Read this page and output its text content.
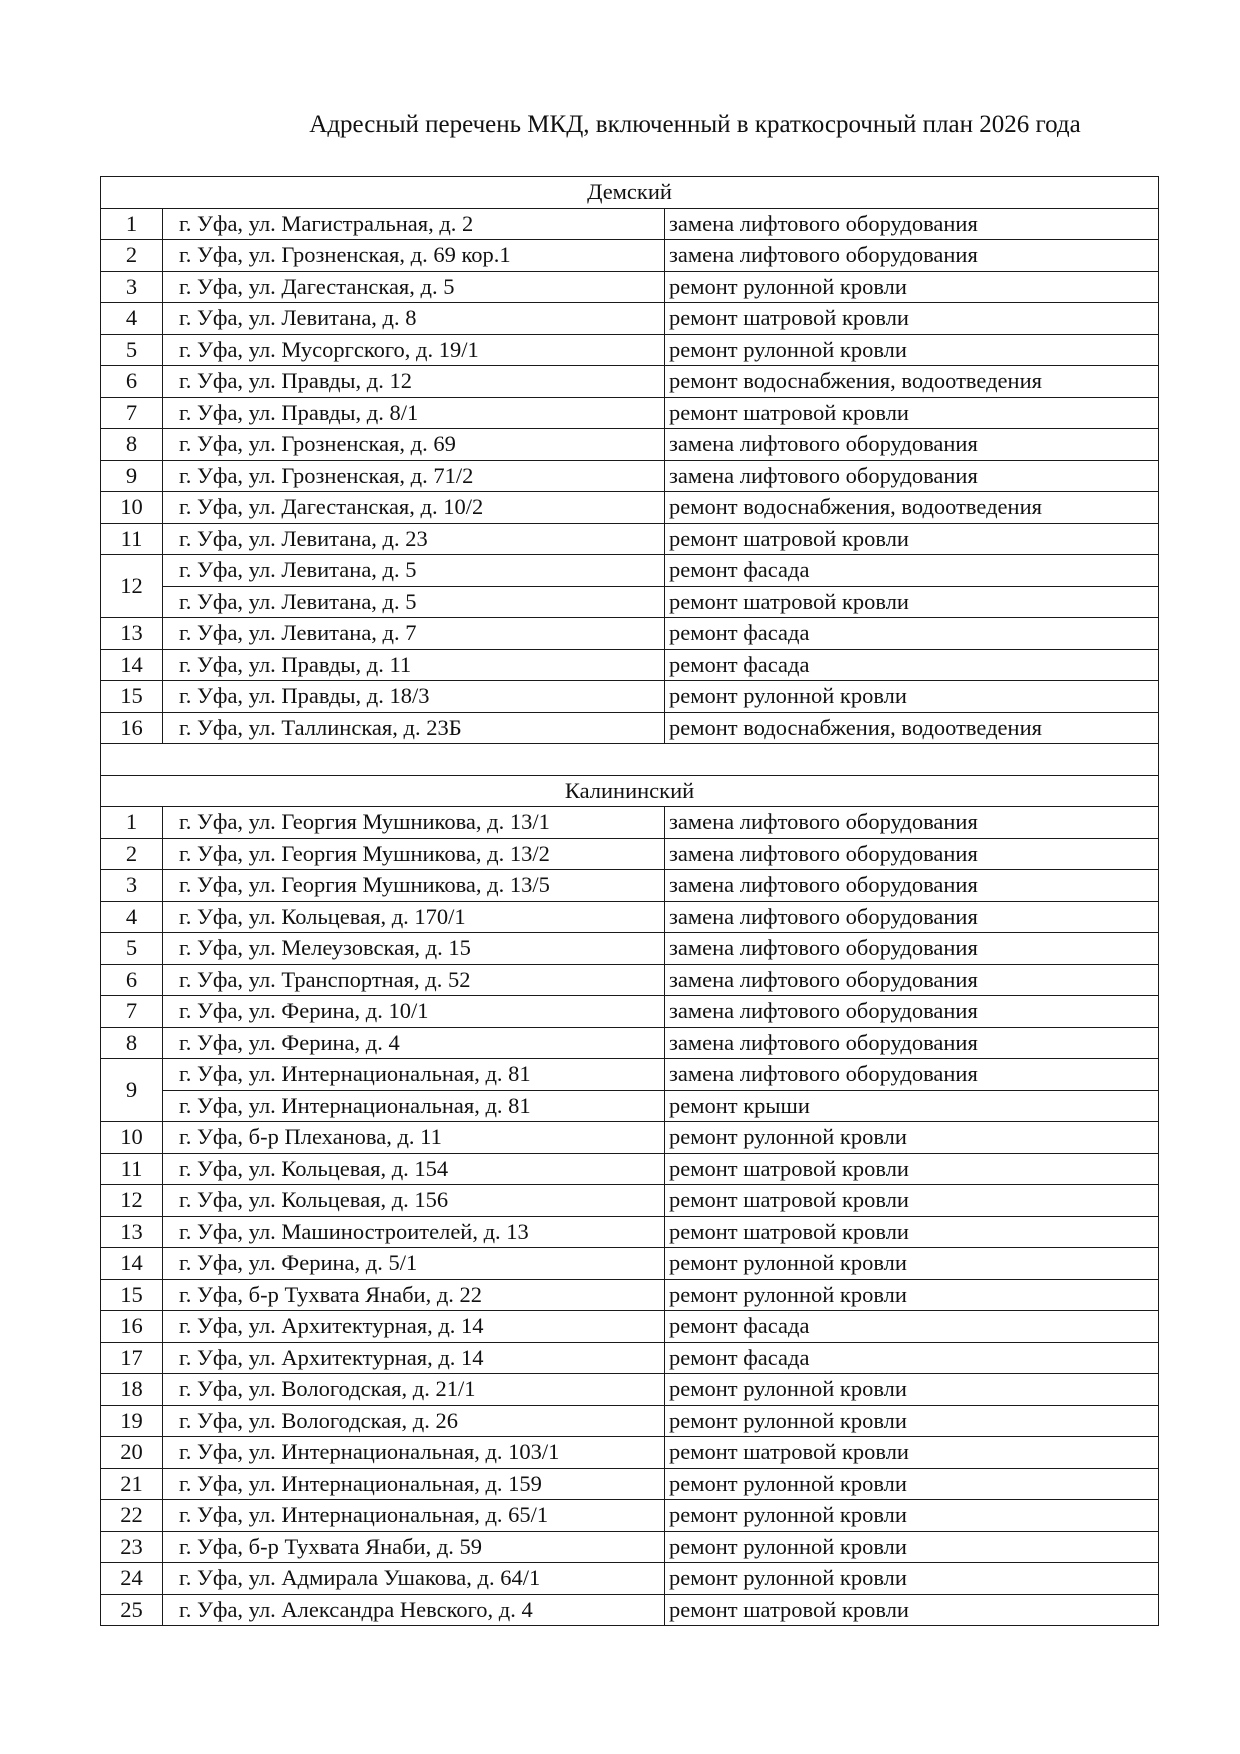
Адресный перечень МКД, включенный в краткосрочный план 2026 года
Демский		
1	г. Уфа, ул. Магистральная, д. 2	замена лифтового оборудования
2	г. Уфа, ул. Грозненская, д. 69 кор.1	замена лифтового оборудования
3	г. Уфа, ул. Дагестанская, д. 5	ремонт рулонной кровли
4	г. Уфа, ул. Левитана, д. 8	ремонт шатровой кровли
5	г. Уфа, ул. Мусоргского, д. 19/1	ремонт рулонной кровли
6	г. Уфа, ул. Правды, д. 12	ремонт водоснабжения, водоотведения
7	г. Уфа, ул. Правды, д. 8/1	ремонт шатровой кровли
8	г. Уфа, ул. Грозненская, д. 69	замена лифтового оборудования
9	г. Уфа, ул. Грозненская, д. 71/2	замена лифтового оборудования
10	г. Уфа, ул. Дагестанская, д. 10/2	ремонт водоснабжения, водоотведения
11	г. Уфа, ул. Левитана, д. 23	ремонт шатровой кровли
12	г. Уфа, ул. Левитана, д. 5	ремонт фасада
	г. Уфа, ул. Левитана, д. 5	ремонт шатровой кровли
13	г. Уфа, ул. Левитана, д. 7	ремонт фасада
14	г. Уфа, ул. Правды, д. 11	ремонт фасада
15	г. Уфа, ул. Правды, д. 18/3	ремонт рулонной кровли
16	г. Уфа, ул. Таллинская, д. 23Б	ремонт водоснабжения, водоотведения

Калининский		
1	г. Уфа, ул. Георгия Мушникова, д. 13/1	замена лифтового оборудования
2	г. Уфа, ул. Георгия Мушникова, д. 13/2	замена лифтового оборудования
3	г. Уфа, ул. Георгия Мушникова, д. 13/5	замена лифтового оборудования
4	г. Уфа, ул. Кольцевая, д. 170/1	замена лифтового оборудования
5	г. Уфа, ул. Мелеузовская, д. 15	замена лифтового оборудования
6	г. Уфа, ул. Транспортная, д. 52	замена лифтового оборудования
7	г. Уфа, ул. Ферина, д. 10/1	замена лифтового оборудования
8	г. Уфа, ул. Ферина, д. 4	замена лифтового оборудования
9	г. Уфа, ул. Интернациональная, д. 81	замена лифтового оборудования
	г. Уфа, ул. Интернациональная, д. 81	ремонт крыши
10	г. Уфа, б-р Плеханова, д. 11	ремонт рулонной кровли
11	г. Уфа, ул. Кольцевая, д. 154	ремонт шатровой кровли
12	г. Уфа, ул. Кольцевая, д. 156	ремонт шатровой кровли
13	г. Уфа, ул. Машиностроителей, д. 13	ремонт шатровой кровли
14	г. Уфа, ул. Ферина, д. 5/1	ремонт рулонной кровли
15	г. Уфа, б-р Тухвата Янаби, д. 22	ремонт рулонной кровли
16	г. Уфа, ул. Архитектурная, д. 14	ремонт фасада
17	г. Уфа, ул. Архитектурная, д. 14	ремонт фасада
18	г. Уфа, ул. Вологодская, д. 21/1	ремонт рулонной кровли
19	г. Уфа, ул. Вологодская, д. 26	ремонт рулонной кровли
20	г. Уфа, ул. Интернациональная, д. 103/1	ремонт шатровой кровли
21	г. Уфа, ул. Интернациональная, д. 159	ремонт рулонной кровли
22	г. Уфа, ул. Интернациональная, д. 65/1	ремонт рулонной кровли
23	г. Уфа, б-р Тухвата Янаби, д. 59	ремонт рулонной кровли
24	г. Уфа, ул. Адмирала Ушакова, д. 64/1	ремонт рулонной кровли
25	г. Уфа, ул. Александра Невского, д. 4	ремонт шатровой кровли
